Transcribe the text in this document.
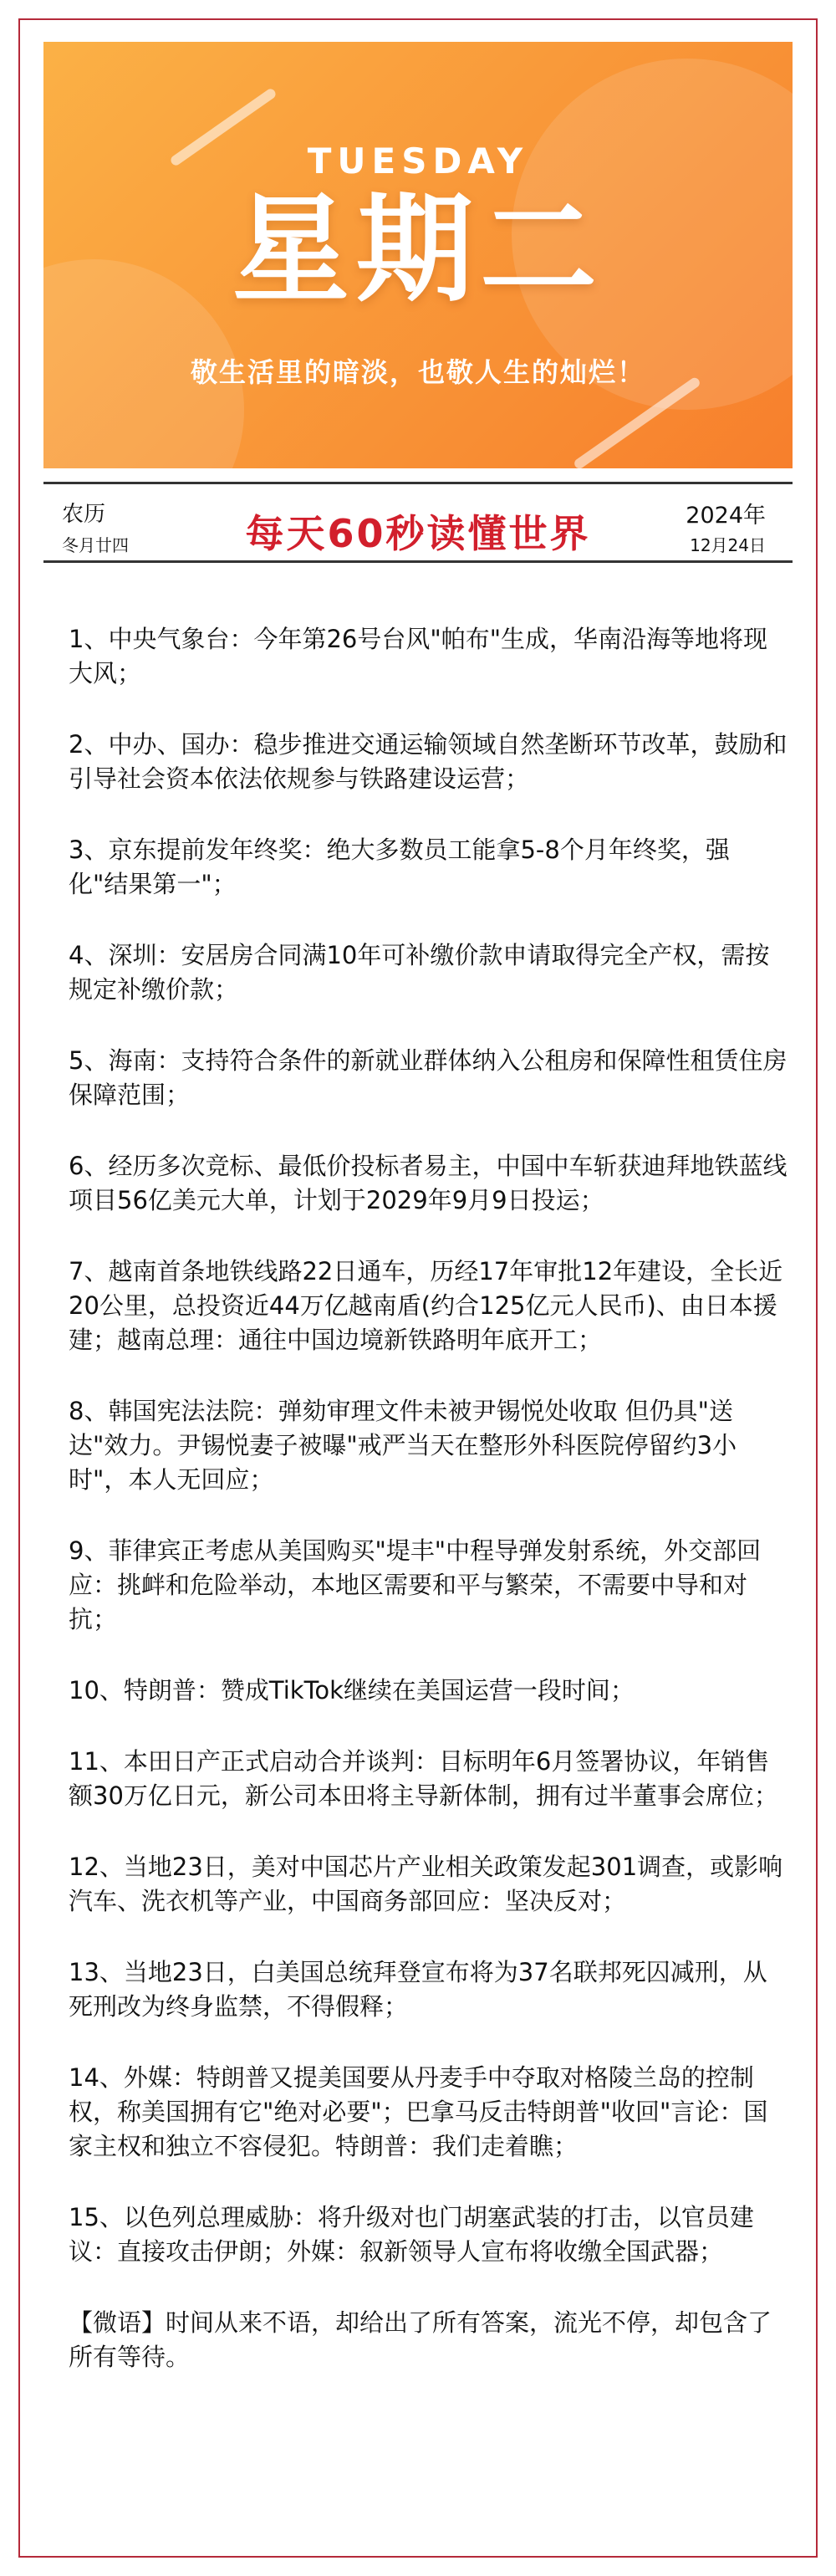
TUESDAY
星期二
敬生活里的暗淡，也敬人生的灿烂！
农历
冬月廿四	每天60秒读懂世界	2024年
12月24日

1、中央气象台：今年第26号台风"帕布"生成，华南沿海等地将现大风；

2、中办、国办：稳步推进交通运输领域自然垄断环节改革，鼓励和引导社会资本依法依规参与铁路建设运营；

3、京东提前发年终奖：绝大多数员工能拿5-8个月年终奖，强化"结果第一"；

4、深圳：安居房合同满10年可补缴价款申请取得完全产权，需按规定补缴价款；

5、海南：支持符合条件的新就业群体纳入公租房和保障性租赁住房保障范围；

6、经历多次竞标、最低价投标者易主，中国中车斩获迪拜地铁蓝线项目56亿美元大单，计划于2029年9月9日投运；

7、越南首条地铁线路22日通车，历经17年审批12年建设，全长近20公里，总投资近44万亿越南盾(约合125亿元人民币)、由日本援建；越南总理：通往中国边境新铁路明年底开工；

8、韩国宪法法院：弹劾审理文件未被尹锡悦处收取 但仍具"送达"效力。尹锡悦妻子被曝"戒严当天在整形外科医院停留约3小时"，本人无回应；

9、菲律宾正考虑从美国购买"堤丰"中程导弹发射系统，外交部回应：挑衅和危险举动，本地区需要和平与繁荣，不需要中导和对抗；

10、特朗普：赞成TikTok继续在美国运营一段时间；

11、本田日产正式启动合并谈判：目标明年6月签署协议，年销售额30万亿日元，新公司本田将主导新体制，拥有过半董事会席位；

12、当地23日，美对中国芯片产业相关政策发起301调查，或影响汽车、洗衣机等产业，中国商务部回应：坚决反对；

13、当地23日，白美国总统拜登宣布将为37名联邦死囚减刑，从死刑改为终身监禁，不得假释；

14、外媒：特朗普又提美国要从丹麦手中夺取对格陵兰岛的控制权，称美国拥有它"绝对必要"；巴拿马反击特朗普"收回"言论：国家主权和独立不容侵犯。特朗普：我们走着瞧；

15、以色列总理威胁：将升级对也门胡塞武装的打击，以官员建议：直接攻击伊朗；外媒：叙新领导人宣布将收缴全国武器；

【微语】时间从来不语，却给出了所有答案，流光不停，却包含了所有等待。
